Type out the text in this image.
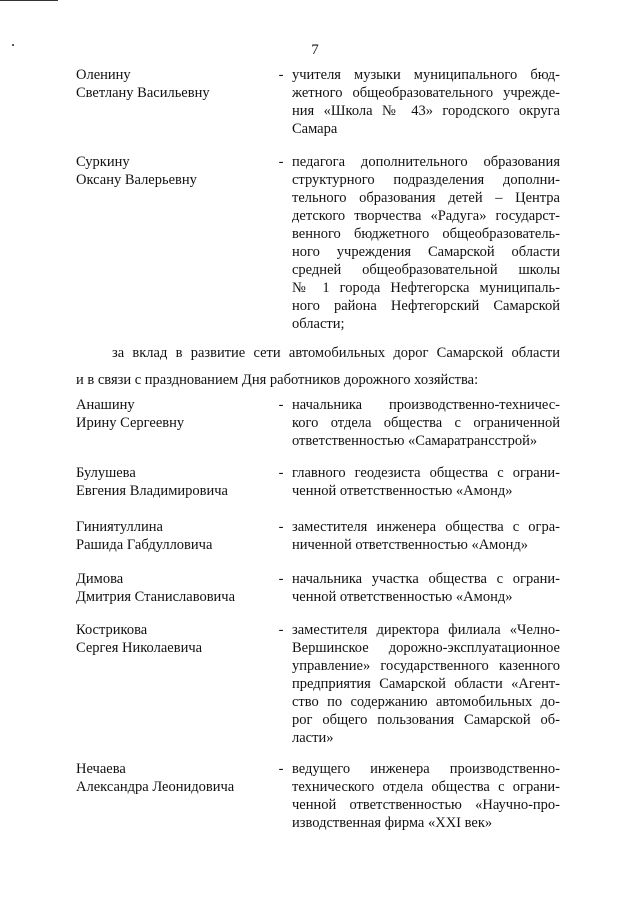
7
Оленину
Светлану Васильевну
- учителя музыки муниципального бюд-
жетного общеобразовательного учрежде-
ния «Школа № 43» городского округа
Самара
Суркину
Оксану Валерьевну
- педагога дополнительного образования
структурного подразделения дополни-
тельного образования детей – Центра
детского творчества «Радуга» государст-
венного бюджетного общеобразователь-
ного учреждения Самарской области
средней общеобразовательной школы
№ 1 города Нефтегорска муниципаль-
ного района Нефтегорский Самарской
области;
за вклад в развитие сети автомобильных дорог Самарской области
и в связи с празднованием Дня работников дорожного хозяйства:
Анашину
Ирину Сергеевну
- начальника производственно-техничес-
кого отдела общества с ограниченной
ответственностью «Самаратрансстрой»
Булушева
Евгения Владимировича
- главного геодезиста общества с ограни-
ченной ответственностью «Амонд»
Гиниятуллина
Рашида Габдулловича
- заместителя инженера общества с огра-
ниченной ответственностью «Амонд»
Димова
Дмитрия Станиславовича
- начальника участка общества с ограни-
ченной ответственностью «Амонд»
Кострикова
Сергея Николаевича
- заместителя директора филиала «Челно-
Вершинское дорожно-эксплуатационное
управление» государственного казенного
предприятия Самарской области «Агент-
ство по содержанию автомобильных до-
рог общего пользования Самарской об-
ласти»
Нечаева
Александра Леонидовича
- ведущего инженера производственно-
технического отдела общества с ограни-
ченной ответственностью «Научно-про-
изводственная фирма «XXI век»
